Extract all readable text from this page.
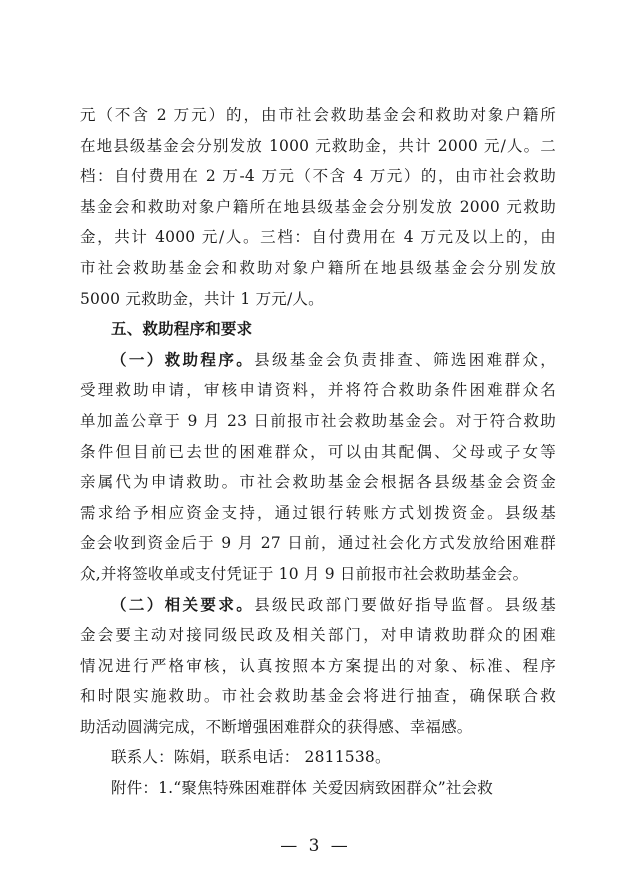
元（不含 2 万元）的，由市社会救助基金会和救助对象户籍所
在地县级基金会分别发放 1000 元救助金，共计 2000 元/人。二
档：自付费用在 2 万-4 万元（不含 4 万元）的，由市社会救助
基金会和救助对象户籍所在地县级基金会分别发放 2000 元救助
金，共计 4000 元/人。三档：自付费用在 4 万元及以上的，由
市社会救助基金会和救助对象户籍所在地县级基金会分别发放
5000 元救助金，共计 1 万元/人。
五、救助程序和要求
（一）救助程序。县级基金会负责排查、筛选困难群众，
受理救助申请，审核申请资料，并将符合救助条件困难群众名
单加盖公章于 9 月 23 日前报市社会救助基金会。对于符合救助
条件但目前已去世的困难群众，可以由其配偶、父母或子女等
亲属代为申请救助。市社会救助基金会根据各县级基金会资金
需求给予相应资金支持，通过银行转账方式划拨资金。县级基
金会收到资金后于 9 月 27 日前，通过社会化方式发放给困难群
众,并将签收单或支付凭证于 10 月 9 日前报市社会救助基金会。
（二）相关要求。县级民政部门要做好指导监督。县级基
金会要主动对接同级民政及相关部门，对申请救助群众的困难
情况进行严格审核，认真按照本方案提出的对象、标准、程序
和时限实施救助。市社会救助基金会将进行抽查，确保联合救
助活动圆满完成，不断增强困难群众的获得感、幸福感。
联系人：陈娟，联系电话： 2811538。
附件：1.“聚焦特殊困难群体 关爱因病致困群众”社会救
— 3 —
